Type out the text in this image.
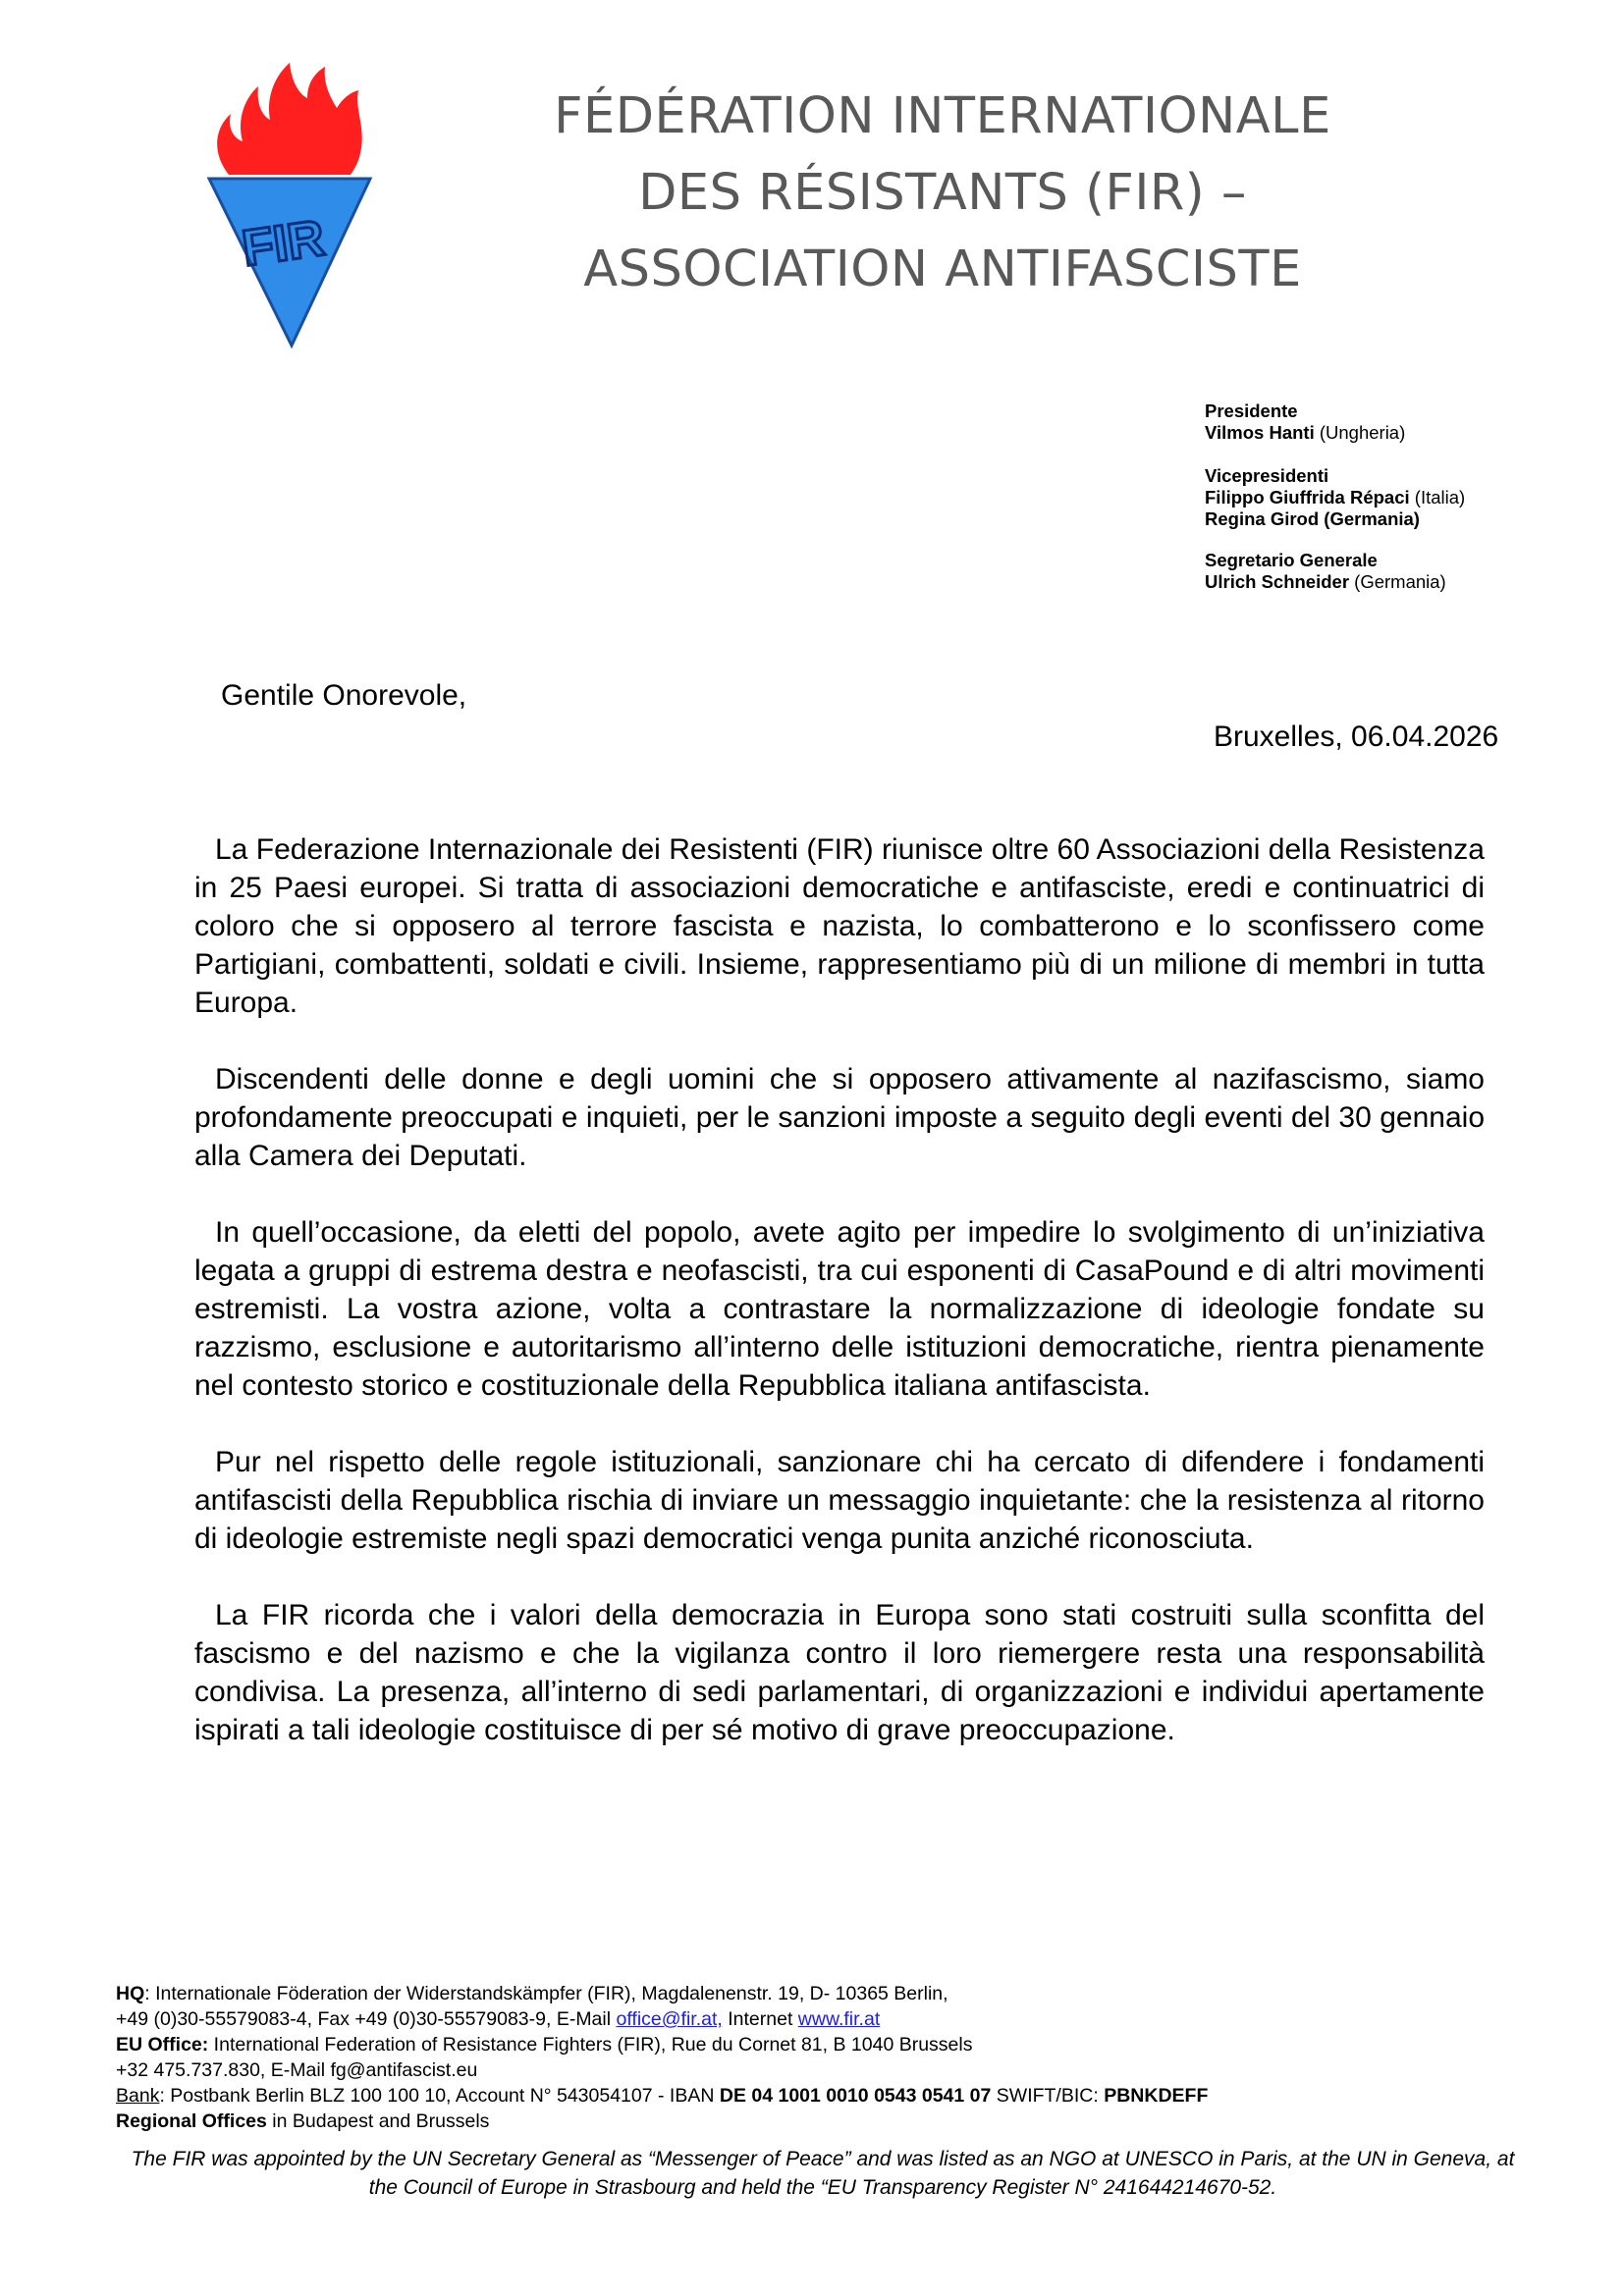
FIR
FÉDÉRATION INTERNATIONALE
DES RÉSISTANTS (FIR) –
ASSOCIATION ANTIFASCISTE
Presidente
Vilmos Hanti (Ungheria)
Vicepresidenti
Filippo Giuffrida Répaci (Italia)
Regina Girod (Germania)
Segretario Generale
Ulrich Schneider (Germania)
Gentile Onorevole,
Bruxelles, 06.04.2026

La Federazione Internazionale dei Resistenti (FIR) riunisce oltre 60 Associazioni della Resistenza in 25 Paesi europei. Si tratta di associazioni democratiche e antifasciste, eredi e continuatrici di coloro che si opposero al terrore fascista e nazista, lo combatterono e lo sconfissero come Partigiani, combattenti, soldati e civili. Insieme, rappresentiamo più di un milione di membri in tutta Europa.

Discendenti delle donne e degli uomini che si opposero attivamente al nazifascismo, siamo profondamente preoccupati e inquieti, per le sanzioni imposte a seguito degli eventi del 30 gennaio alla Camera dei Deputati.

In quell’occasione, da eletti del popolo, avete agito per impedire lo svolgimento di un’iniziativa legata a gruppi di estrema destra e neofascisti, tra cui esponenti di CasaPound e di altri movimenti estremisti. La vostra azione, volta a contrastare la normalizzazione di ideologie fondate su razzismo, esclusione e autoritarismo all’interno delle istituzioni democratiche, rientra pienamente nel contesto storico e costituzionale della Repubblica italiana antifascista.

Pur nel rispetto delle regole istituzionali, sanzionare chi ha cercato di difendere i fondamenti antifascisti della Repubblica rischia di inviare un messaggio inquietante: che la resistenza al ritorno di ideologie estremiste negli spazi democratici venga punita anziché riconosciuta.

La FIR ricorda che i valori della democrazia in Europa sono stati costruiti sulla sconfitta del fascismo e del nazismo e che la vigilanza contro il loro riemergere resta una responsabilità condivisa. La presenza, all’interno di sedi parlamentari, di organizzazioni e individui apertamente ispirati a tali ideologie costituisce di per sé motivo di grave preoccupazione.

HQ: Internationale Föderation der Widerstandskämpfer (FIR), Magdalenenstr. 19, D- 10365 Berlin,
+49 (0)30-55579083-4, Fax +49 (0)30-55579083-9, E-Mail office@fir.at, Internet www.fir.at
EU Office: International Federation of Resistance Fighters (FIR), Rue du Cornet 81, B 1040 Brussels
+32 475.737.830, E-Mail fg@antifascist.eu
Bank: Postbank Berlin BLZ 100 100 10, Account N° 543054107 - IBAN DE 04 1001 0010 0543 0541 07 SWIFT/BIC: PBNKDEFF
Regional Offices in Budapest and Brussels
The FIR was appointed by the UN Secretary General as “Messenger of Peace” and was listed as an NGO at UNESCO in Paris, at the UN in Geneva, at the Council of Europe in Strasbourg and held the “EU Transparency Register N° 241644214670-52.
